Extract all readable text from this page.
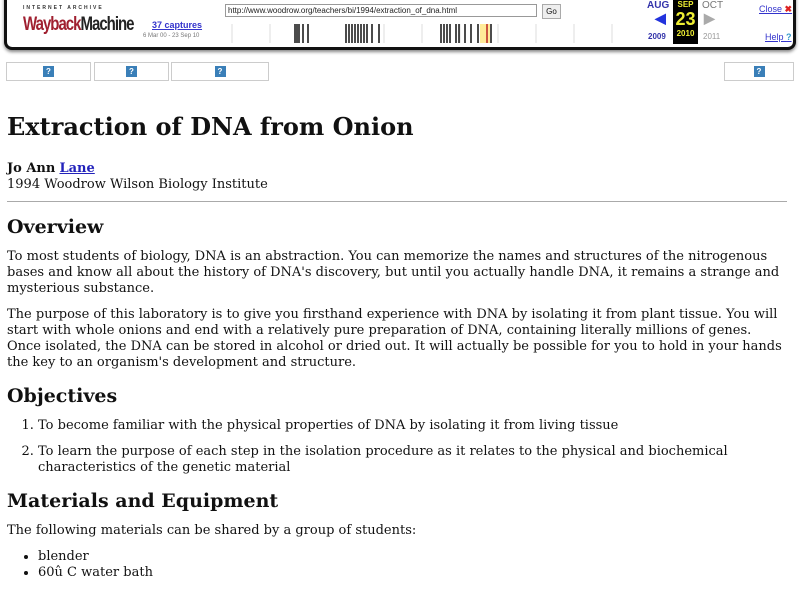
INTERNET ARCHIVE
WaybackMachine 37 captures
6 Mar 00 - 23 Sep 10
http://www.woodrow.org/teachers/bi/1994/extraction_of_dna.html
Go
AUG
◀
2009
SEP
23
2010
OCT
▶
2011
Close ✖
Help ?
?	?	?	?
Extraction of DNA from Onion
Jo Ann Lane
1994 Woodrow Wilson Biology Institute
Overview

To most students of biology, DNA is an abstraction. You can memorize the names and structures of the nitrogenous bases and know all about the history of DNA's discovery, but until you actually handle DNA, it remains a strange and mysterious substance.

The purpose of this laboratory is to give you firsthand experience with DNA by isolating it from plant tissue. You will start with whole onions and end with a relatively pure preparation of DNA, containing literally millions of genes. Once isolated, the DNA can be stored in alcohol or dried out. It will actually be possible for you to hold in your hands the key to an organism's development and structure.

Objectives
1. To become familiar with the physical properties of DNA by isolating it from living tissue
2. To learn the purpose of each step in the isolation procedure as it relates to the physical and biochemical characteristics of the genetic material
Materials and Equipment

The following materials can be shared by a group of students:

• blender
• 60û C water bath
